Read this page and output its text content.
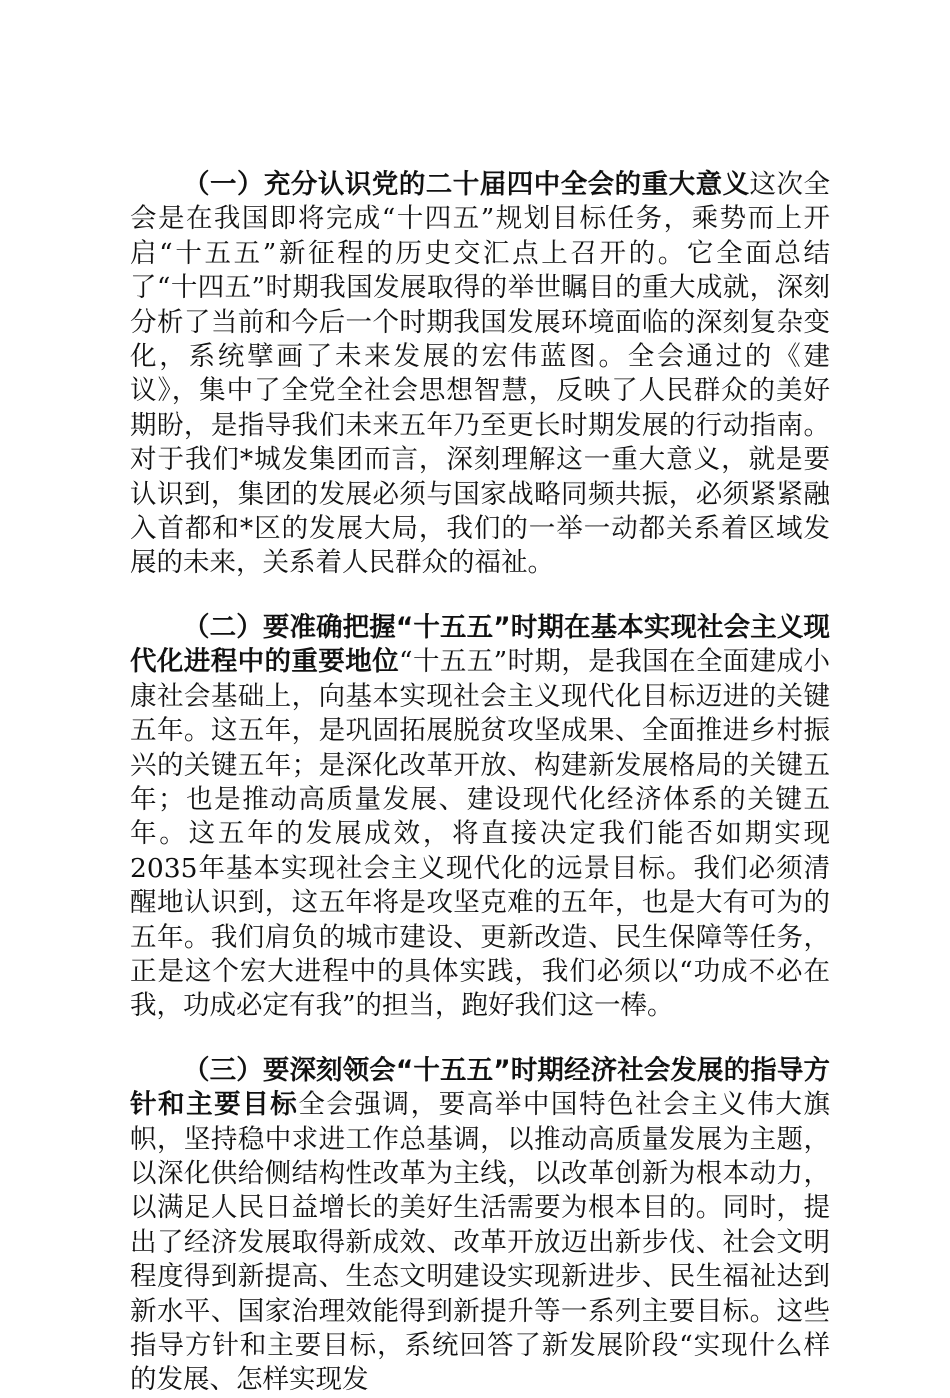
（一）充分认识党的二十届四中全会的重大意义这次全会是在我国即将完成“十四五”规划目标任务，乘势而上开启“十五五”新征程的历史交汇点上召开的。它全面总结了“十四五”时期我国发展取得的举世瞩目的重大成就，深刻分析了当前和今后一个时期我国发展环境面临的深刻复杂变化，系统擘画了未来发展的宏伟蓝图。全会通过的《建议》，集中了全党全社会思想智慧，反映了人民群众的美好期盼，是指导我们未来五年乃至更长时期发展的行动指南。对于我们*城发集团而言，深刻理解这一重大意义，就是要认识到，集团的发展必须与国家战略同频共振，必须紧紧融入首都和*区的发展大局，我们的一举一动都关系着区域发展的未来，关系着人民群众的福祉。

（二）要准确把握“十五五”时期在基本实现社会主义现代化进程中的重要地位“十五五”时期，是我国在全面建成小康社会基础上，向基本实现社会主义现代化目标迈进的关键五年。这五年，是巩固拓展脱贫攻坚成果、全面推进乡村振兴的关键五年；是深化改革开放、构建新发展格局的关键五年；也是推动高质量发展、建设现代化经济体系的关键五年。这五年的发展成效，将直接决定我们能否如期实现2035年基本实现社会主义现代化的远景目标。我们必须清醒地认识到，这五年将是攻坚克难的五年，也是大有可为的五年。我们肩负的城市建设、更新改造、民生保障等任务，正是这个宏大进程中的具体实践，我们必须以“功成不必在我，功成必定有我”的担当，跑好我们这一棒。

（三）要深刻领会“十五五”时期经济社会发展的指导方针和主要目标全会强调，要高举中国特色社会主义伟大旗帜，坚持稳中求进工作总基调，以推动高质量发展为主题，以深化供给侧结构性改革为主线，以改革创新为根本动力，以满足人民日益增长的美好生活需要为根本目的。同时，提出了经济发展取得新成效、改革开放迈出新步伐、社会文明程度得到新提高、生态文明建设实现新进步、民生福祉达到新水平、国家治理效能得到新提升等一系列主要目标。这些指导方针和主要目标，系统回答了新发展阶段“实现什么样的发展、怎样实现发
